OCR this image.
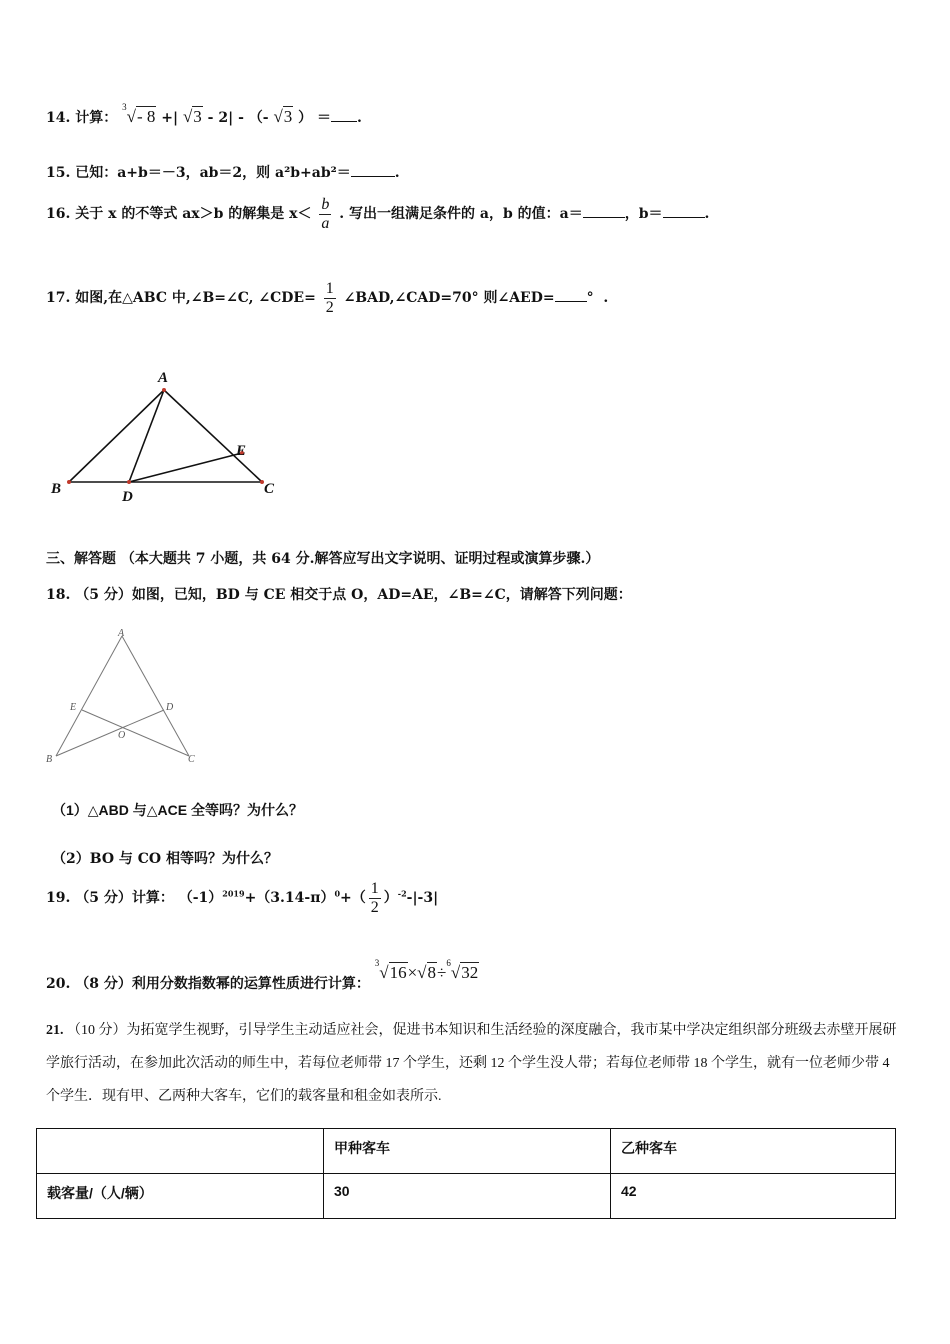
14. 计算： $^3$√- 8 +| √3 - 2| - （- √3 ） ＝ .
15. 已知：a+b＝－3，ab＝2，则 a²b+ab²＝	.
16. 关于 x 的不等式 ax＞b 的解集是 $x< \frac{b}{a}$ . 写出一组满足条件的 a，b 的值：a＝	，b＝	.
17. 如图,在△ABC 中,∠B=∠C, ∠CDE= $\frac{1}{2}$ ∠BAD,∠CAD=70° 则∠AED= ° .
A
B	C
D
E
三、解答题 （本大题共 7 小题，共 64 分.解答应写出文字说明、证明过程或演算步骤.）
18. （5 分）如图，已知，BD 与 CE 相交于点 O，AD=AE，∠B=∠C，请解答下列问题：
A
B	C
D
E
O
（1）△ABD 与△ACE 全等吗？为什么？
（2）BO 与 CO 相等吗？为什么？
19. （5 分）计算： $(-1)^{2019}+(3.14-\pi)^0+( \frac{1}{2} )^{-2}-|-3|$
20. （8 分）利用分数指数幂的运算性质进行计算： $^3$√16×√8÷$^6$√32
21. （10 分）为拓宽学生视野，引导学生主动适应社会，促进书本知识和生活经验的深度融合，我市某中学决定组织部分班级去赤壁开展研学旅行活动，在参加此次活动的师生中，若每位老师带 17 个学生，还剩 12 个学生没人带；若每位老师带 18 个学生，就有一位老师少带 4 个学生．现有甲、乙两种大客车，它们的载客量和租金如表所示.
	甲种客车	乙种客车
载客量/（人/辆）	30	42
